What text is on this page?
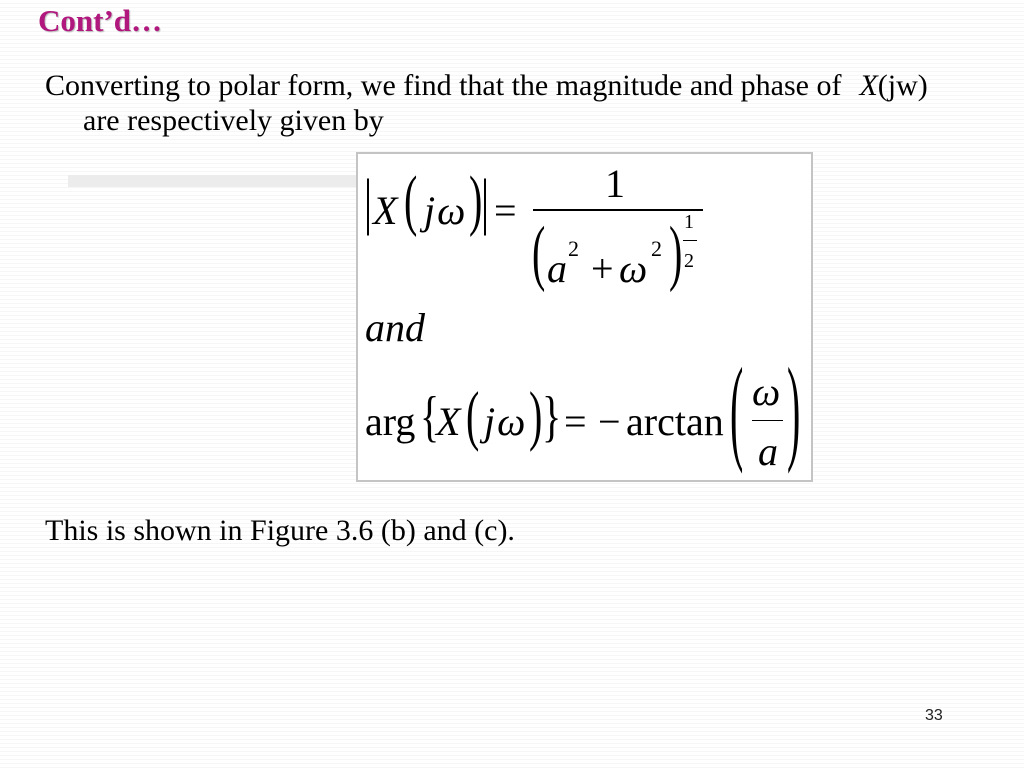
Cont’d…
Converting to polar form, we find that the magnitude and phase of X(jw)
are respectively given by
| X ( jω )
| =
1
( a 2 + ω 2 ) 1
2
and
arg {
X ( jω ) } = − arctan ( ω
a )
This is shown in Figure 3.6 (b) and (c).
33
